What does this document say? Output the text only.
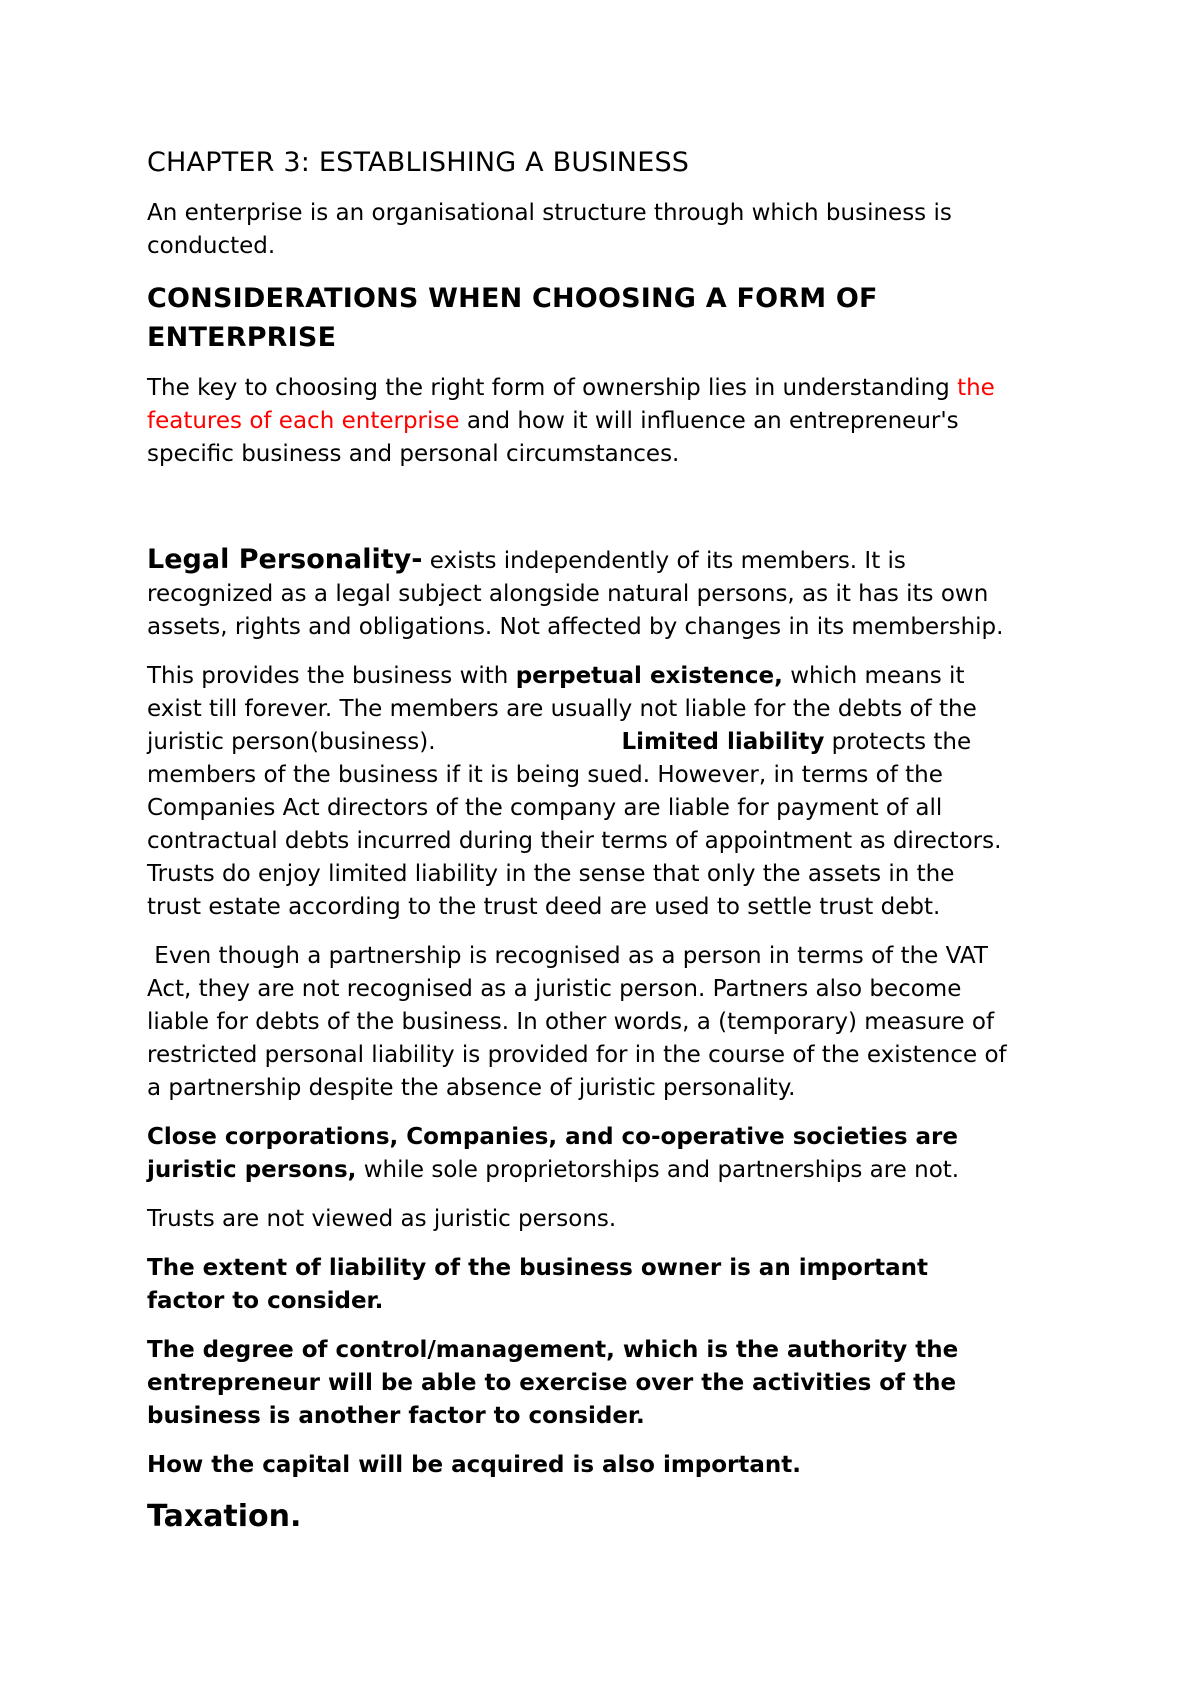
CHAPTER 3: ESTABLISHING A BUSINESS

An enterprise is an organisational structure through which business is

conducted.

CONSIDERATIONS WHEN CHOOSING A FORM OF

ENTERPRISE

The key to choosing the right form of ownership lies in understanding the

features of each enterprise and how it will influence an entrepreneur's

specific business and personal circumstances.

Legal Personality- exists independently of its members. It is

recognized as a legal subject alongside natural persons, as it has its own

assets, rights and obligations. Not affected by changes in its membership.

This provides the business with perpetual existence, which means it

exist till forever. The members are usually not liable for the debts of the

juristic person(business).	Limited liability protects the

members of the business if it is being sued. However, in terms of the

Companies Act directors of the company are liable for payment of all

contractual debts incurred during their terms of appointment as directors.

Trusts do enjoy limited liability in the sense that only the assets in the

trust estate according to the trust deed are used to settle trust debt.

Even though a partnership is recognised as a person in terms of the VAT

Act, they are not recognised as a juristic person. Partners also become

liable for debts of the business. In other words, a (temporary) measure of

restricted personal liability is provided for in the course of the existence of

a partnership despite the absence of juristic personality.

Close corporations, Companies, and co-operative societies are

juristic persons, while sole proprietorships and partnerships are not.

Trusts are not viewed as juristic persons.

The extent of liability of the business owner is an important

factor to consider.

The degree of control/management, which is the authority the

entrepreneur will be able to exercise over the activities of the

business is another factor to consider.

How the capital will be acquired is also important.

Taxation.
